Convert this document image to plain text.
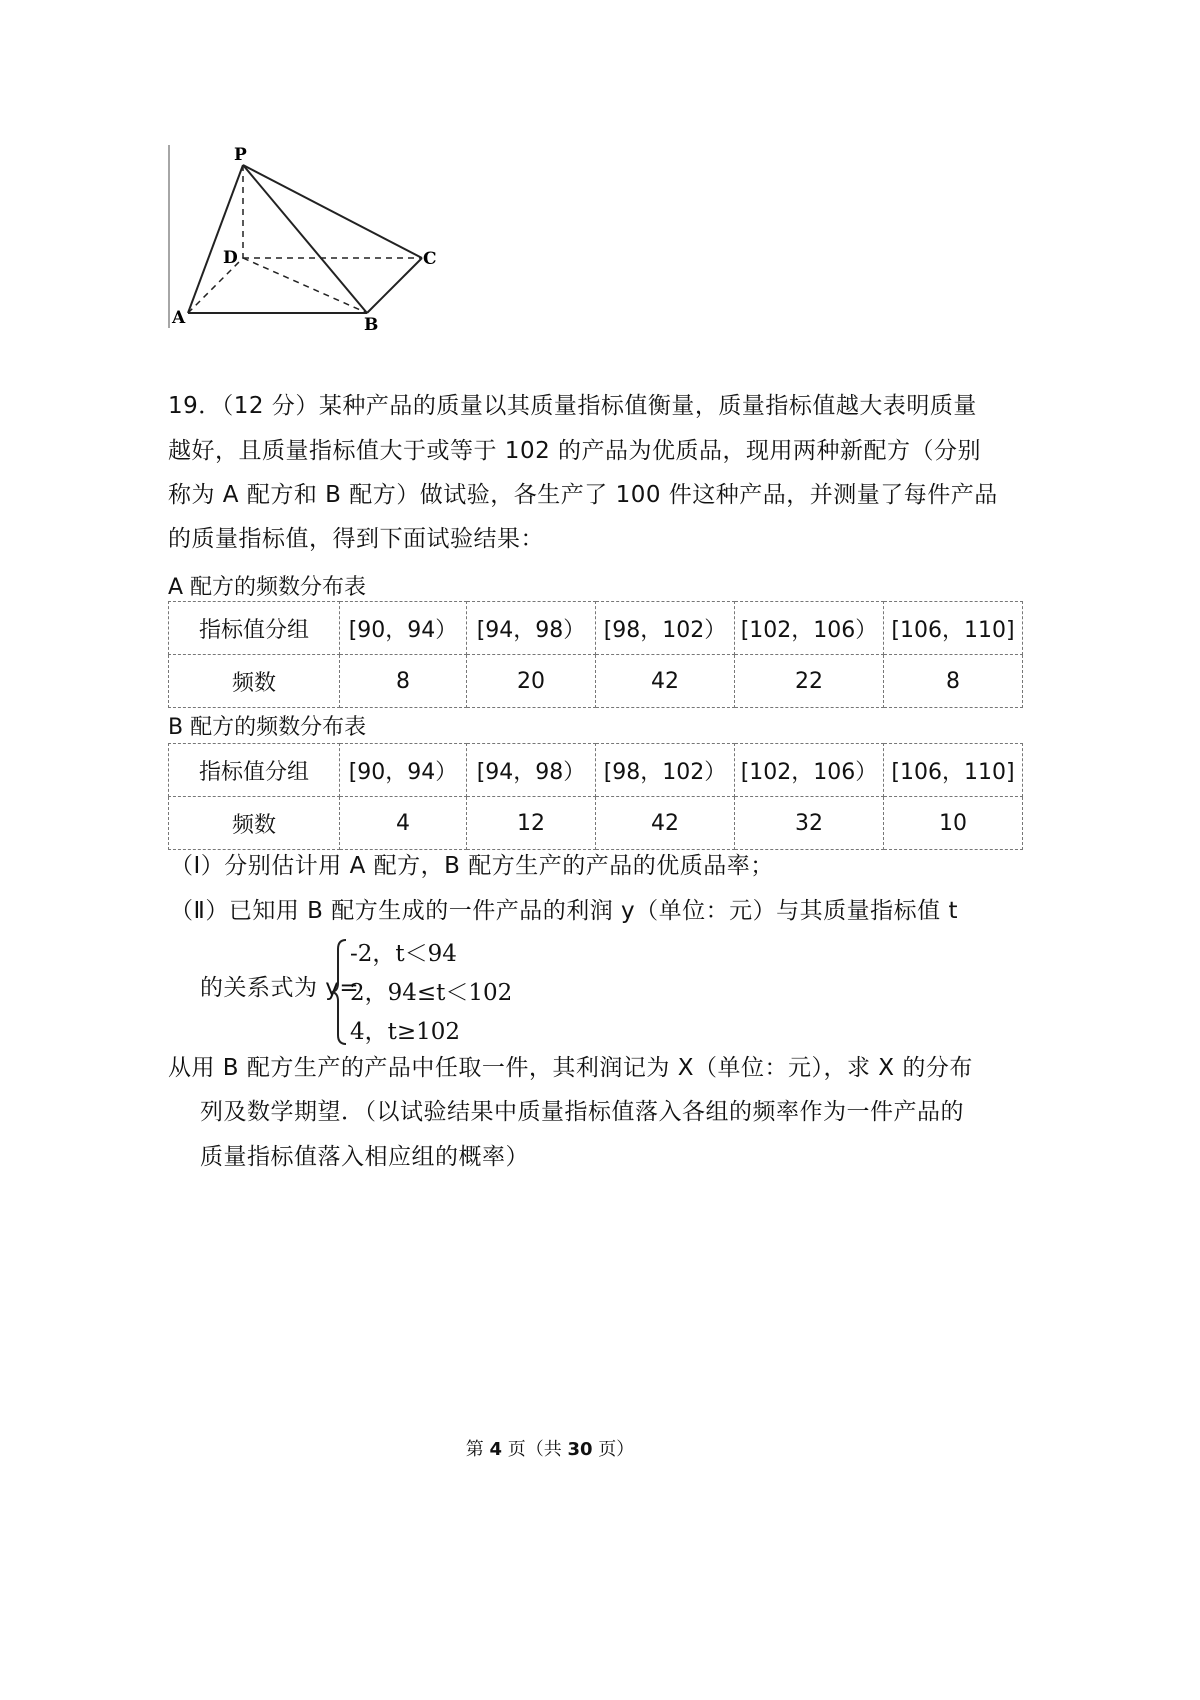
P
D	C
A	B
19．（12 分）某种产品的质量以其质量指标值衡量，质量指标值越大表明质量
越好，且质量指标值大于或等于 102 的产品为优质品，现用两种新配方（分别
称为 A 配方和 B 配方）做试验，各生产了 100 件这种产品，并测量了每件产品
的质量指标值，得到下面试验结果：
A 配方的频数分布表
指标值分组	[90，94）	[94，98）	[98，102）	[102，106）	[106，110]
频数	8	20	42	22	8
B 配方的频数分布表
指标值分组	[90，94）	[94，98）	[98，102）	[102，106）	[106，110]
频数	4	12	42	32	10
（Ⅰ）分别估计用 A 配方，B 配方生产的产品的优质品率；
（Ⅱ）已知用 B 配方生成的一件产品的利润 y（单位：元）与其质量指标值 t
的关系式为 y=
-2，t＜94
2，94≤t＜102
4，t≥102
从用 B 配方生产的产品中任取一件，其利润记为 X（单位：元），求 X 的分布
列及数学期望．（以试验结果中质量指标值落入各组的频率作为一件产品的
质量指标值落入相应组的概率）
第 4 页（共 30 页）
